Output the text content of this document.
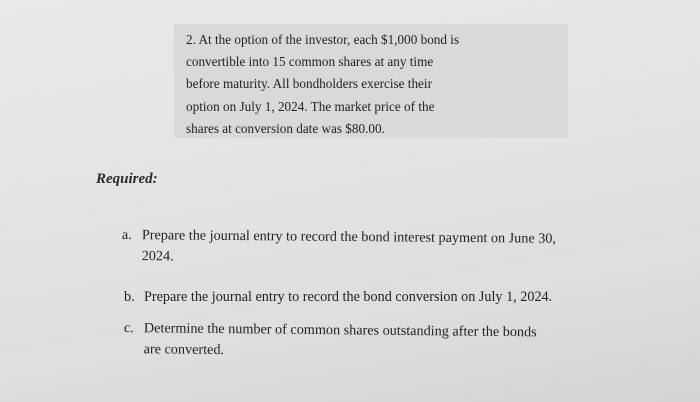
2. At the option of the investor, each $1,000 bond is
convertible into 15 common shares at any time
before maturity. All bondholders exercise their
option on July 1, 2024. The market price of the
shares at conversion date was $80.00.
Required:
a. Prepare the journal entry to record the bond interest payment on June 30,
2024.
b. Prepare the journal entry to record the bond conversion on July 1, 2024.
c. Determine the number of common shares outstanding after the bonds
are converted.
